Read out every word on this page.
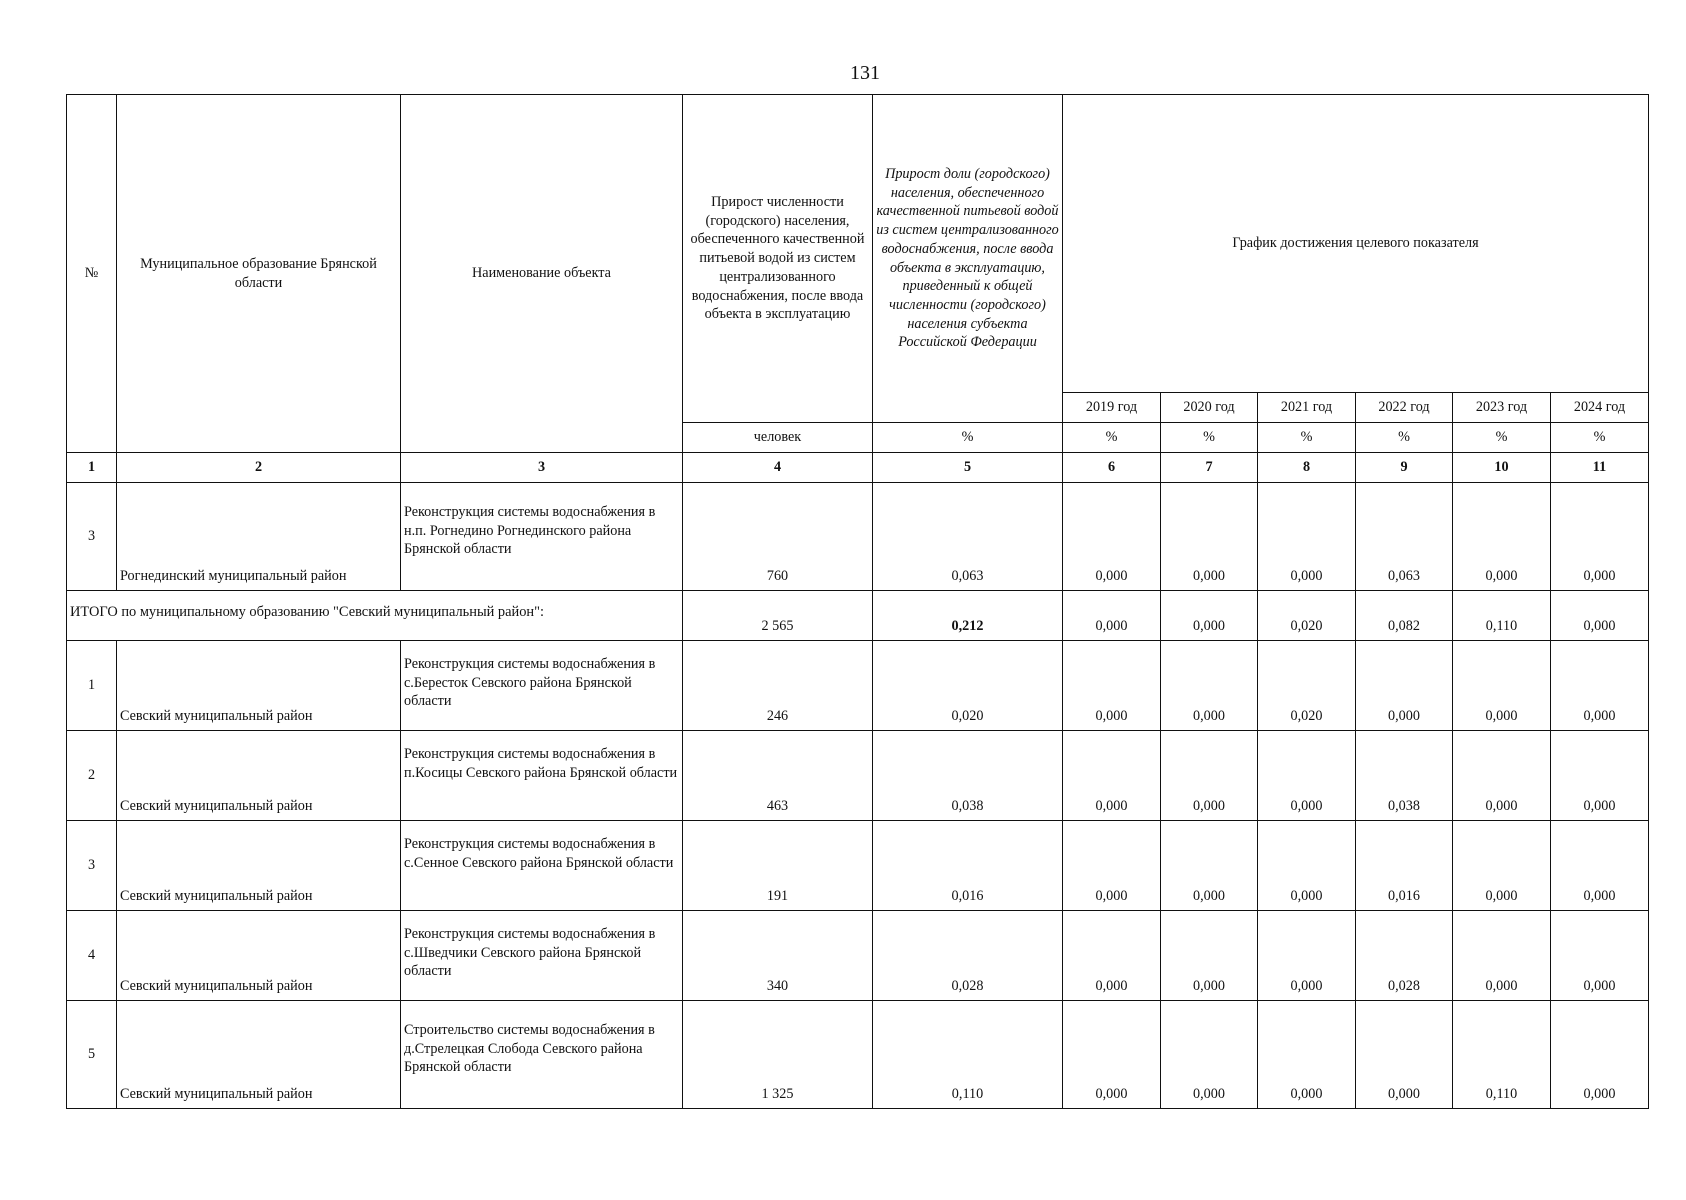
131
№	Муниципальное образование Брянской области	Наименование объекта	Прирост численности (городского) населения, обеспеченного качественной питьевой водой из систем централизованного водоснабжения, после ввода объекта в эксплуатацию	Прирост доли (городского) населения, обеспеченного качественной питьевой водой из систем централизованного водоснабжения, после ввода объекта в эксплуатацию, приведенный к общей численности (городского) населения субъекта Российской Федерации	График достижения целевого показателя					
					2019 год	2020 год	2021 год	2022 год	2023 год	2024 год
			человек	%	%	%	%	%	%	%
1	2	3	4	5	6	7	8	9	10	11
3	Рогнединский муниципальный район	Реконструкция системы водоснабжения в н.п. Рогнедино Рогнединского района Брянской области	760	0,063	0,000	0,000	0,000	0,063	0,000	0,000
ИТОГО по муниципальному образованию "Севский муниципальный район":			2 565	0,212	0,000	0,000	0,020	0,082	0,110	0,000
1	Севский муниципальный район	Реконструкция системы водоснабжения в с.Береcток Севского района Брянской области	246	0,020	0,000	0,000	0,020	0,000	0,000	0,000
2	Севский муниципальный район	Реконструкция системы водоснабжения в п.Косицы Севского района Брянской области	463	0,038	0,000	0,000	0,000	0,038	0,000	0,000
3	Севский муниципальный район	Реконструкция системы водоснабжения в с.Сенное Севского района Брянской области	191	0,016	0,000	0,000	0,000	0,016	0,000	0,000
4	Севский муниципальный район	Реконструкция системы водоснабжения в с.Шведчики Севского района Брянской области	340	0,028	0,000	0,000	0,000	0,028	0,000	0,000
5	Севский муниципальный район	Строительство системы водоснабжения в д.Стрелецкая Слобода Севского района Брянской области	1 325	0,110	0,000	0,000	0,000	0,000	0,110	0,000
